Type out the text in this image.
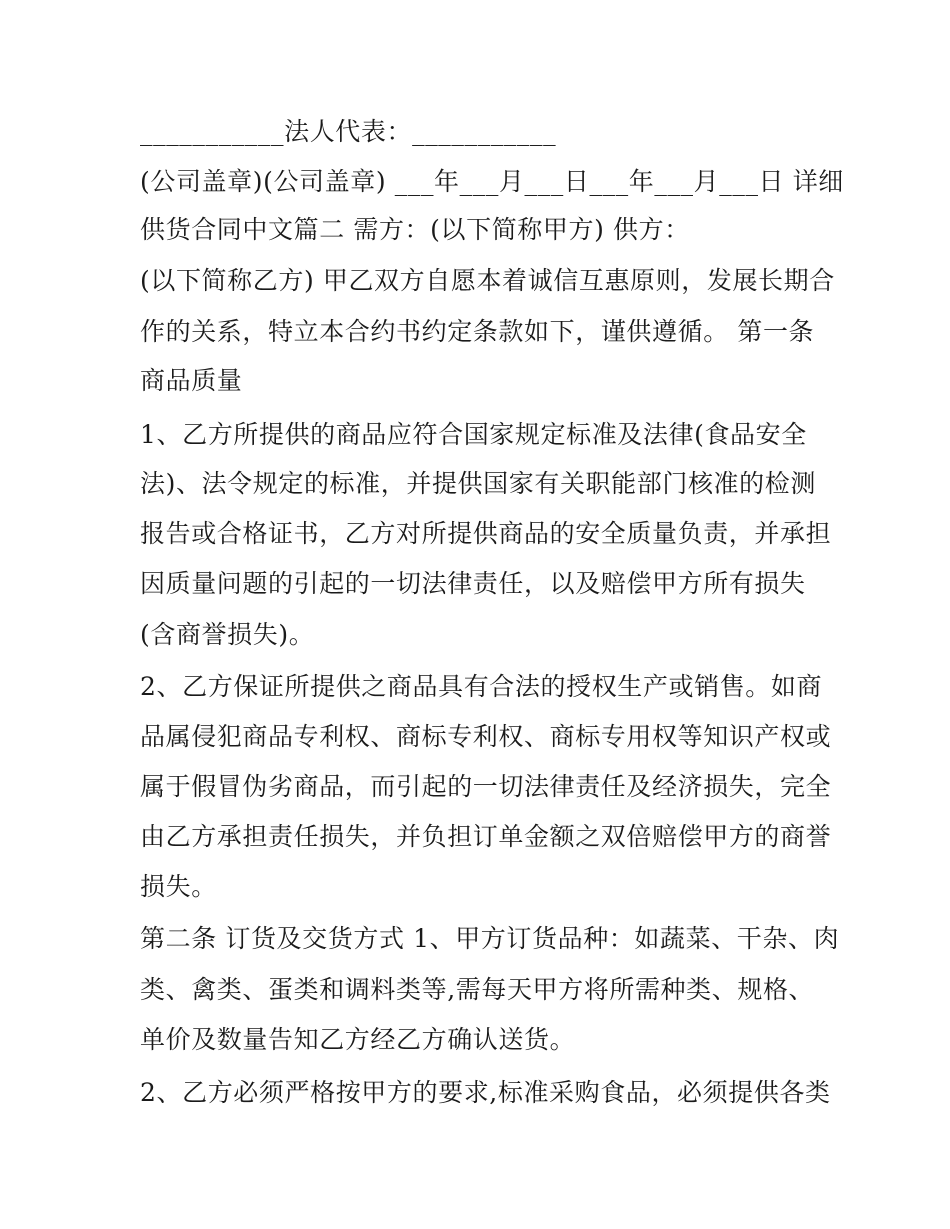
___________法人代表：___________
(公司盖章)(公司盖章) ___年___月___日___年___月___日 详细
供货合同中文篇二 需方：(以下简称甲方) 供方：
(以下简称乙方) 甲乙双方自愿本着诚信互惠原则，发展长期合
作的关系，特立本合约书约定条款如下，谨供遵循。 第一条
商品质量
1、乙方所提供的商品应符合国家规定标准及法律(食品安全
法)、法令规定的标准，并提供国家有关职能部门核准的检测
报告或合格证书，乙方对所提供商品的安全质量负责，并承担
因质量问题的引起的一切法律责任，以及赔偿甲方所有损失
(含商誉损失)。
2、乙方保证所提供之商品具有合法的授权生产或销售。如商
品属侵犯商品专利权、商标专利权、商标专用权等知识产权或
属于假冒伪劣商品，而引起的一切法律责任及经济损失，完全
由乙方承担责任损失，并负担订单金额之双倍赔偿甲方的商誉
损失。
第二条 订货及交货方式 1、甲方订货品种：如蔬菜、干杂、肉
类、禽类、蛋类和调料类等,需每天甲方将所需种类、规格、
单价及数量告知乙方经乙方确认送货。
2、乙方必须严格按甲方的要求,标准采购食品，必须提供各类
